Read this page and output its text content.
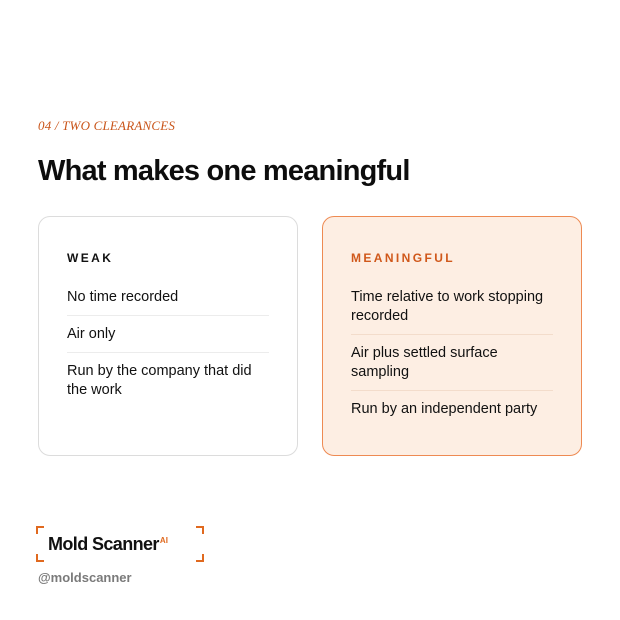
04 / TWO CLEARANCES
What makes one meaningful
WEAK
No time recorded
Air only
Run by the company that did the work
MEANINGFUL
Time relative to work stopping recorded
Air plus settled surface sampling
Run by an independent party
Mold Scanner$^{AI}$
@moldscanner
